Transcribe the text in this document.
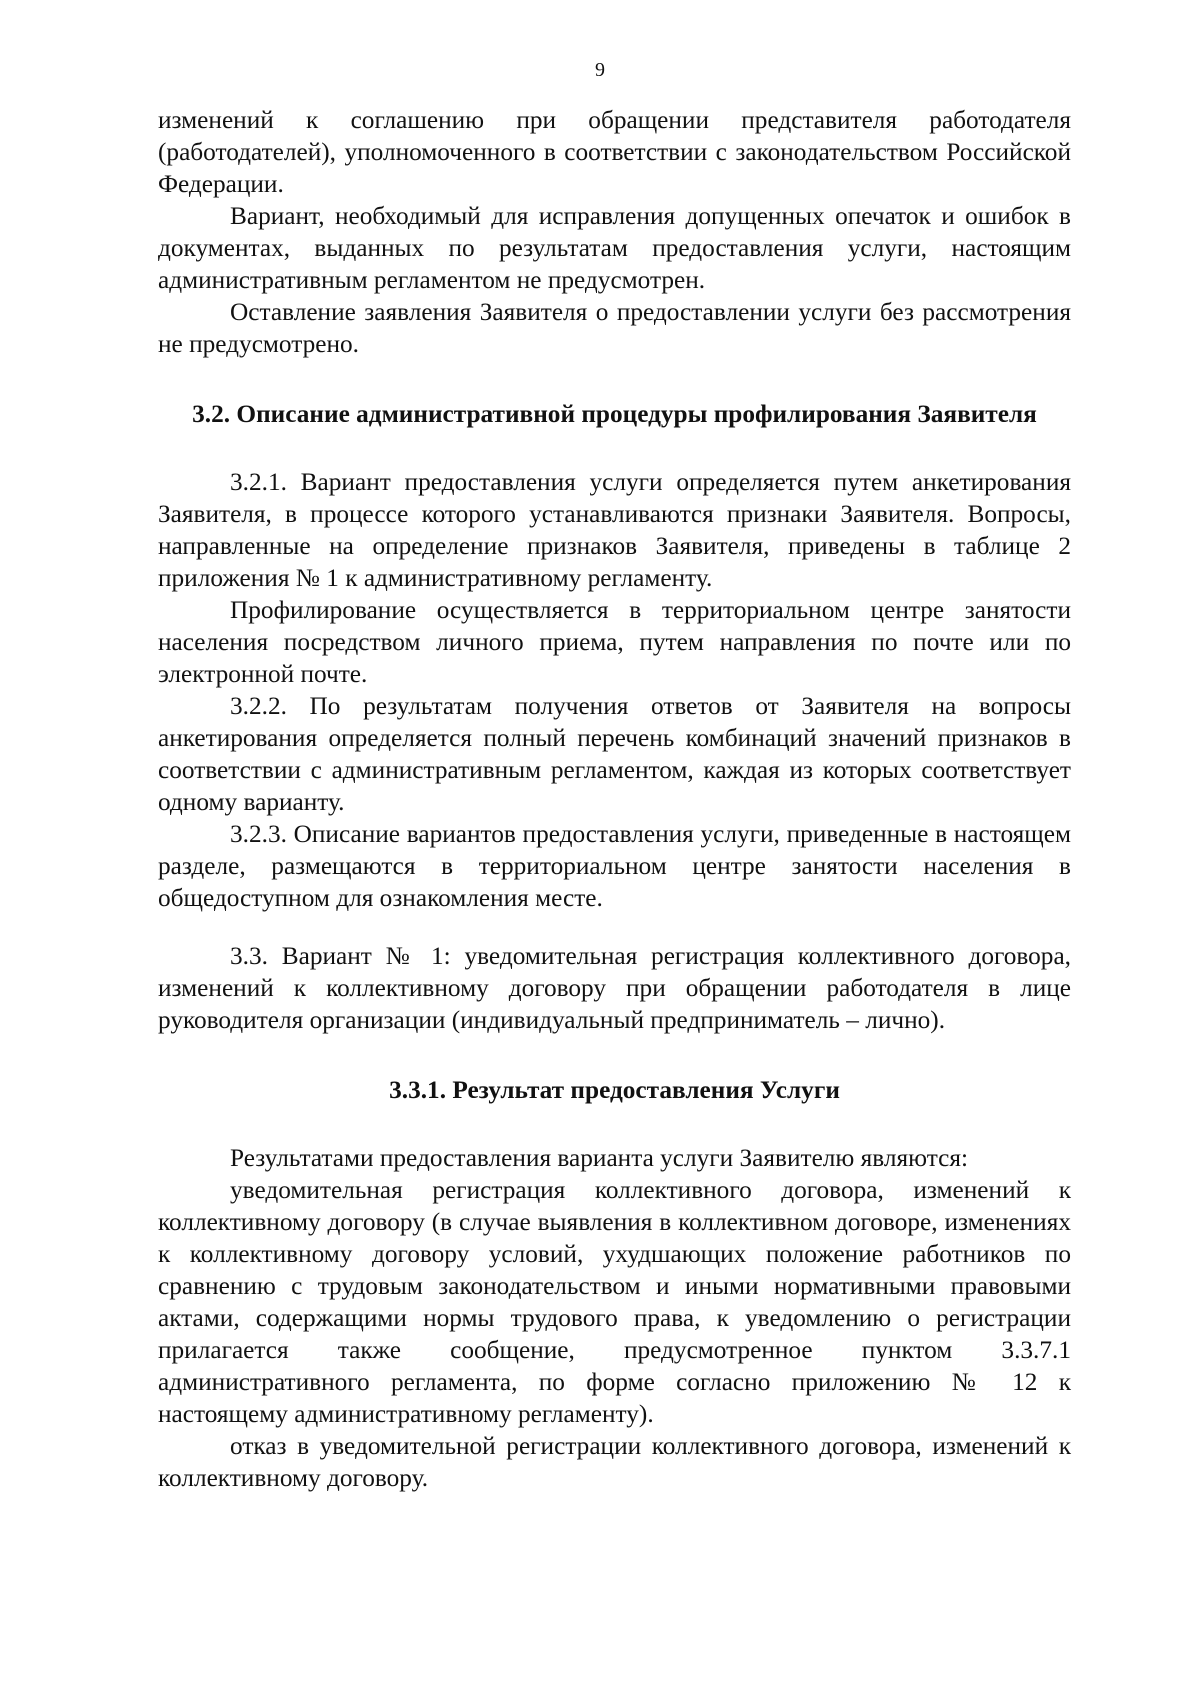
9

изменений к соглашению при обращении представителя работодателя (работодателей), уполномоченного в соответствии с законодательством Российской Федерации.

Вариант, необходимый для исправления допущенных опечаток и ошибок в документах, выданных по результатам предоставления услуги, настоящим административным регламентом не предусмотрен.

Оставление заявления Заявителя о предоставлении услуги без рассмотрения не предусмотрено.

3.2. Описание административной процедуры профилирования Заявителя

3.2.1. Вариант предоставления услуги определяется путем анкетирования Заявителя, в процессе которого устанавливаются признаки Заявителя. Вопросы, направленные на определение признаков Заявителя, приведены в таблице 2 приложения № 1 к административному регламенту.

Профилирование осуществляется в территориальном центре занятости населения посредством личного приема, путем направления по почте или по электронной почте.

3.2.2. По результатам получения ответов от Заявителя на вопросы анкетирования определяется полный перечень комбинаций значений признаков в соответствии с административным регламентом, каждая из которых соответствует одному варианту.

3.2.3. Описание вариантов предоставления услуги, приведенные в настоящем разделе, размещаются в территориальном центре занятости населения в общедоступном для ознакомления месте.

3.3. Вариант № 1: уведомительная регистрация коллективного договора, изменений к коллективному договору при обращении работодателя в лице руководителя организации (индивидуальный предприниматель – лично).

3.3.1. Результат предоставления Услуги

Результатами предоставления варианта услуги Заявителю являются:

уведомительная регистрация коллективного договора, изменений к коллективному договору (в случае выявления в коллективном договоре, изменениях к коллективному договору условий, ухудшающих положение работников по сравнению с трудовым законодательством и иными нормативными правовыми актами, содержащими нормы трудового права, к уведомлению о регистрации прилагается также сообщение, предусмотренное пунктом 3.3.7.1 административного регламента, по форме согласно приложению № 12 к настоящему административному регламенту).

отказ в уведомительной регистрации коллективного договора, изменений к коллективному договору.
